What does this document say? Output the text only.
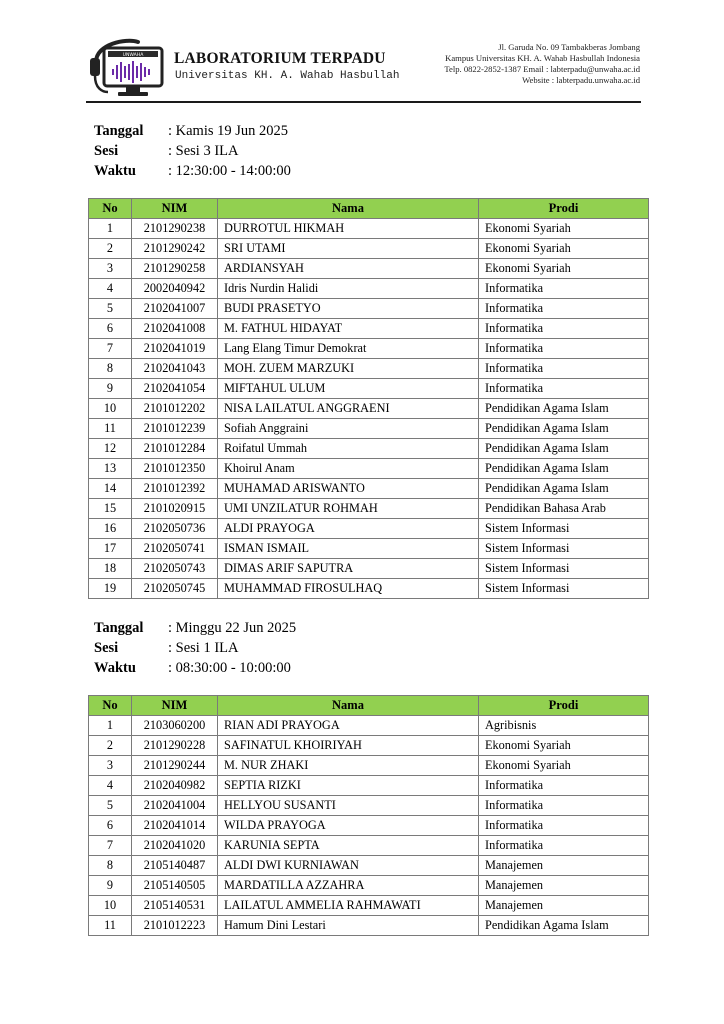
UNWAHA LABORATORIUM TERPADU
Universitas KH. A. Wahab Hasbullah
Jl. Garuda No. 09 Tambakberas Jombang
Kampus Universitas KH. A. Wahab Hasbullah Indonesia
Telp. 0822-2852-1387 Email : labterpadu@unwaha.ac.id
Website : labterpadu.unwaha.ac.id
Tanggal : Kamis 19 Jun 2025
Sesi	: Sesi 3 ILA
Waktu : 12:30:00 - 14:00:00
No	NIM	Nama	Prodi
1	2101290238	DURROTUL HIKMAH	Ekonomi Syariah
2	2101290242	SRI UTAMI	Ekonomi Syariah
3	2101290258	ARDIANSYAH	Ekonomi Syariah
4	2002040942	Idris Nurdin Halidi	Informatika
5	2102041007	BUDI PRASETYO	Informatika
6	2102041008	M. FATHUL HIDAYAT	Informatika
7	2102041019	Lang Elang Timur Demokrat	Informatika
8	2102041043	MOH. ZUEM MARZUKI	Informatika
9	2102041054	MIFTAHUL ULUM	Informatika
10	2101012202	NISA LAILATUL ANGGRAENI	Pendidikan Agama Islam
11	2101012239	Sofiah Anggraini	Pendidikan Agama Islam
12	2101012284	Roifatul Ummah	Pendidikan Agama Islam
13	2101012350	Khoirul Anam	Pendidikan Agama Islam
14	2101012392	MUHAMAD ARISWANTO	Pendidikan Agama Islam
15	2101020915	UMI UNZILATUR ROHMAH	Pendidikan Bahasa Arab
16	2102050736	ALDI PRAYOGA	Sistem Informasi
17	2102050741	ISMAN ISMAIL	Sistem Informasi
18	2102050743	DIMAS ARIF SAPUTRA	Sistem Informasi
19	2102050745	MUHAMMAD FIROSULHAQ	Sistem Informasi
Tanggal : Minggu 22 Jun 2025
Sesi	: Sesi 1 ILA
Waktu : 08:30:00 - 10:00:00
No	NIM	Nama	Prodi
1	2103060200	RIAN ADI PRAYOGA	Agribisnis
2	2101290228	SAFINATUL KHOIRIYAH	Ekonomi Syariah
3	2101290244	M. NUR ZHAKI	Ekonomi Syariah
4	2102040982	SEPTIA RIZKI	Informatika
5	2102041004	HELLYOU SUSANTI	Informatika
6	2102041014	WILDA PRAYOGA	Informatika
7	2102041020	KARUNIA SEPTA	Informatika
8	2105140487	ALDI DWI KURNIAWAN	Manajemen
9	2105140505	MARDATILLA AZZAHRA	Manajemen
10	2105140531	LAILATUL AMMELIA RAHMAWATI	Manajemen
11	2101012223	Hamum Dini Lestari	Pendidikan Agama Islam
